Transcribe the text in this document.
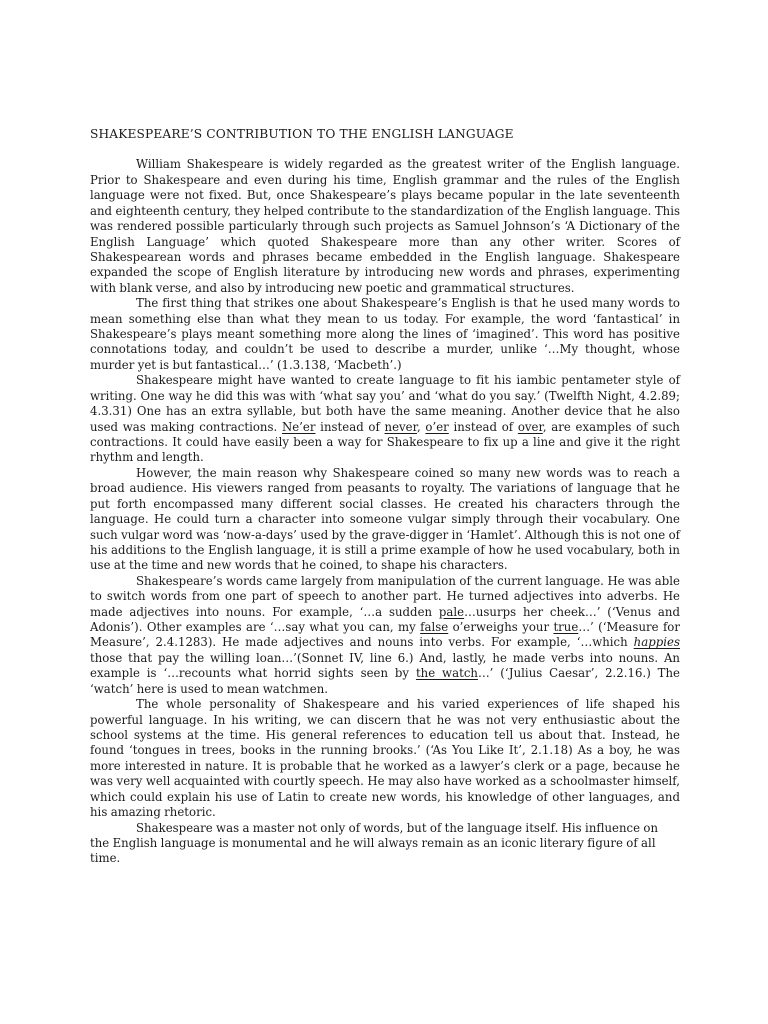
SHAKESPEARE’S CONTRIBUTION TO THE ENGLISH LANGUAGE

William Shakespeare is widely regarded as the greatest writer of the English language. Prior to Shakespeare and even during his time, English grammar and the rules of the English language were not fixed. But, once Shakespeare’s plays became popular in the late seventeenth and eighteenth century, they helped contribute to the standardization of the English language. This was rendered possible particularly through such projects as Samuel Johnson’s ‘A Dictionary of the English Language’ which quoted Shakespeare more than any other writer. Scores of Shakespearean words and phrases became embedded in the English language. Shakespeare expanded the scope of English literature by introducing new words and phrases, experimenting with blank verse, and also by introducing new poetic and grammatical structures.

The first thing that strikes one about Shakespeare’s English is that he used many words to mean something else than what they mean to us today. For example, the word ‘fantastical’ in Shakespeare’s plays meant something more along the lines of ‘imagined’. This word has positive connotations today, and couldn’t be used to describe a murder, unlike ‘…My thought, whose murder yet is but fantastical…’ (1.3.138, ‘Macbeth’.)

Shakespeare might have wanted to create language to fit his iambic pentameter style of writing. One way he did this was with ‘what say you’ and ‘what do you say.’ (Twelfth Night, 4.2.89; 4.3.31) One has an extra syllable, but both have the same meaning. Another device that he also used was making contractions. Ne’er instead of never, o’er instead of over, are examples of such contractions. It could have easily been a way for Shakespeare to fix up a line and give it the right rhythm and length.

However, the main reason why Shakespeare coined so many new words was to reach a broad audience. His viewers ranged from peasants to royalty. The variations of language that he put forth encompassed many different social classes. He created his characters through the language. He could turn a character into someone vulgar simply through their vocabulary. One such vulgar word was ‘now-a-days’ used by the grave-digger in ‘Hamlet’. Although this is not one of his additions to the English language, it is still a prime example of how he used vocabulary, both in use at the time and new words that he coined, to shape his characters.

Shakespeare’s words came largely from manipulation of the current language. He was able to switch words from one part of speech to another part. He turned adjectives into adverbs. He made adjectives into nouns. For example, ‘…a sudden pale…usurps her cheek…’ (‘Venus and Adonis’). Other examples are ‘…say what you can, my false o’erweighs your true…’ (‘Measure for Measure’, 2.4.1283). He made adjectives and nouns into verbs. For example, ‘…which happies those that pay the willing loan…’(Sonnet IV, line 6.) And, lastly, he made verbs into nouns. An example is ‘…recounts what horrid sights seen by the watch…’ (‘Julius Caesar’, 2.2.16.) The ‘watch’ here is used to mean watchmen.

The whole personality of Shakespeare and his varied experiences of life shaped his powerful language. In his writing, we can discern that he was not very enthusiastic about the school systems at the time. His general references to education tell us about that. Instead, he found ‘tongues in trees, books in the running brooks.’ (‘As You Like It’, 2.1.18) As a boy, he was more interested in nature. It is probable that he worked as a lawyer’s clerk or a page, because he was very well acquainted with courtly speech. He may also have worked as a schoolmaster himself, which could explain his use of Latin to create new words, his knowledge of other languages, and his amazing rhetoric.

Shakespeare was a master not only of words, but of the language itself. His influence on the English language is monumental and he will always remain as an iconic literary figure of all time.
